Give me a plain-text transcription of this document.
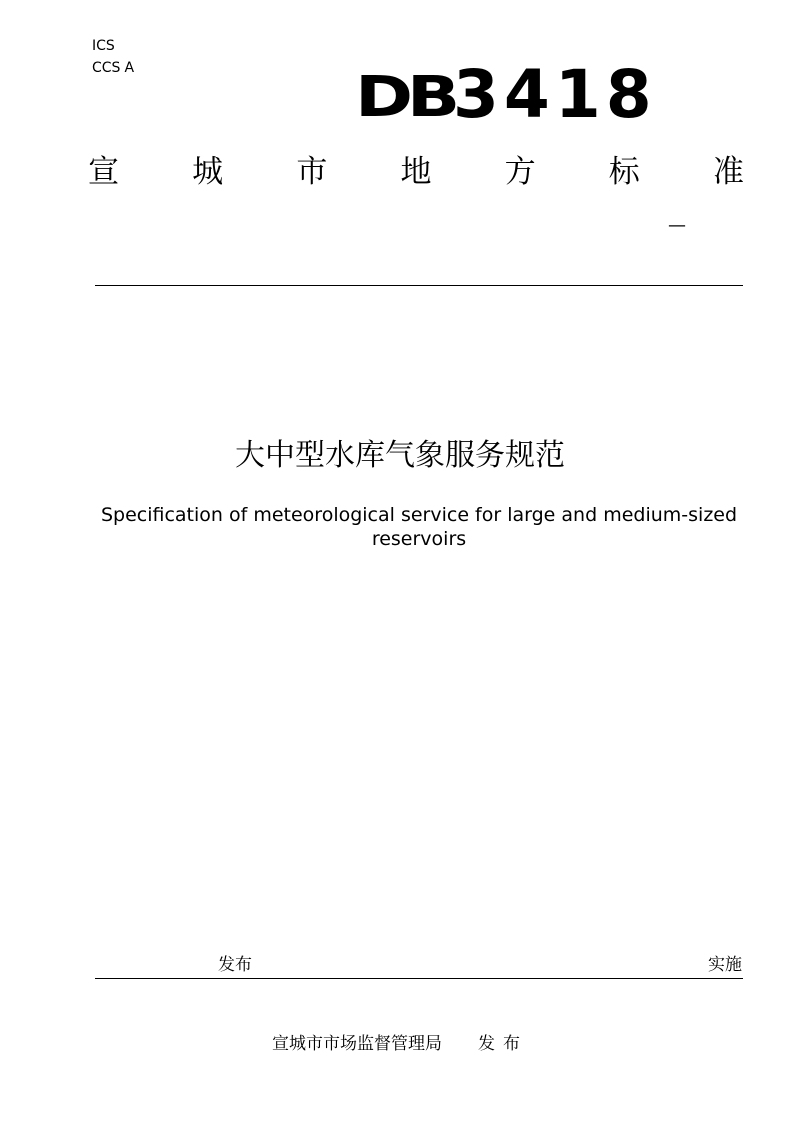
ICS
CCS A	DB 3418
宣 城 市 地 方 标 准
—
大中型水库气象服务规范
Specification of meteorological service for large and medium-sized
reservoirs
发布	实施
宣城市市场监督管理局 发布
